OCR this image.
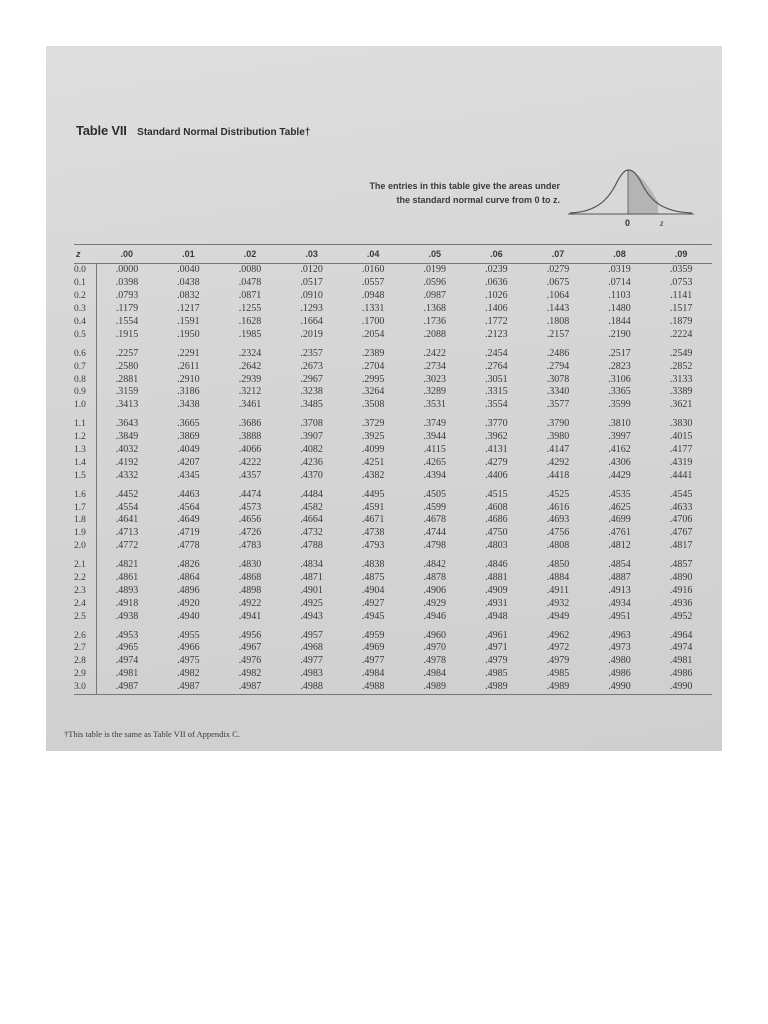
Table VII Standard Normal Distribution Table†
The entries in this table give the areas under
the standard normal curve from 0 to z.
0	z
z	.00	.01	.02	.03	.04	.05	.06	.07	.08	.09
0.0	.0000	.0040	.0080	.0120	.0160	.0199	.0239	.0279	.0319	.0359
0.1	.0398	.0438	.0478	.0517	.0557	.0596	.0636	.0675	.0714	.0753
0.2	.0793	.0832	.0871	.0910	.0948	.0987	.1026	.1064	.1103	.1141
0.3	.1179	.1217	.1255	.1293	.1331	.1368	.1406	.1443	.1480	.1517
0.4	.1554	.1591	.1628	.1664	.1700	.1736	.1772	.1808	.1844	.1879
0.5	.1915	.1950	.1985	.2019	.2054	.2088	.2123	.2157	.2190	.2224

0.6	.2257	.2291	.2324	.2357	.2389	.2422	.2454	.2486	.2517	.2549
0.7	.2580	.2611	.2642	.2673	.2704	.2734	.2764	.2794	.2823	.2852
0.8	.2881	.2910	.2939	.2967	.2995	.3023	.3051	.3078	.3106	.3133
0.9	.3159	.3186	.3212	.3238	.3264	.3289	.3315	.3340	.3365	.3389
1.0	.3413	.3438	.3461	.3485	.3508	.3531	.3554	.3577	.3599	.3621

1.1	.3643	.3665	.3686	.3708	.3729	.3749	.3770	.3790	.3810	.3830
1.2	.3849	.3869	.3888	.3907	.3925	.3944	.3962	.3980	.3997	.4015
1.3	.4032	.4049	.4066	.4082	.4099	.4115	.4131	.4147	.4162	.4177
1.4	.4192	.4207	.4222	.4236	.4251	.4265	.4279	.4292	.4306	.4319
1.5	.4332	.4345	.4357	.4370	.4382	.4394	.4406	.4418	.4429	.4441

1.6	.4452	.4463	.4474	.4484	.4495	.4505	.4515	.4525	.4535	.4545
1.7	.4554	.4564	.4573	.4582	.4591	.4599	.4608	.4616	.4625	.4633
1.8	.4641	.4649	.4656	.4664	.4671	.4678	.4686	.4693	.4699	.4706
1.9	.4713	.4719	.4726	.4732	.4738	.4744	.4750	.4756	.4761	.4767
2.0	.4772	.4778	.4783	.4788	.4793	.4798	.4803	.4808	.4812	.4817

2.1	.4821	.4826	.4830	.4834	.4838	.4842	.4846	.4850	.4854	.4857
2.2	.4861	.4864	.4868	.4871	.4875	.4878	.4881	.4884	.4887	.4890
2.3	.4893	.4896	.4898	.4901	.4904	.4906	.4909	.4911	.4913	.4916
2.4	.4918	.4920	.4922	.4925	.4927	.4929	.4931	.4932	.4934	.4936
2.5	.4938	.4940	.4941	.4943	.4945	.4946	.4948	.4949	.4951	.4952

2.6	.4953	.4955	.4956	.4957	.4959	.4960	.4961	.4962	.4963	.4964
2.7	.4965	.4966	.4967	.4968	.4969	.4970	.4971	.4972	.4973	.4974
2.8	.4974	.4975	.4976	.4977	.4977	.4978	.4979	.4979	.4980	.4981
2.9	.4981	.4982	.4982	.4983	.4984	.4984	.4985	.4985	.4986	.4986
3.0	.4987	.4987	.4987	.4988	.4988	.4989	.4989	.4989	.4990	.4990
†This table is the same as Table VII of Appendix C.
